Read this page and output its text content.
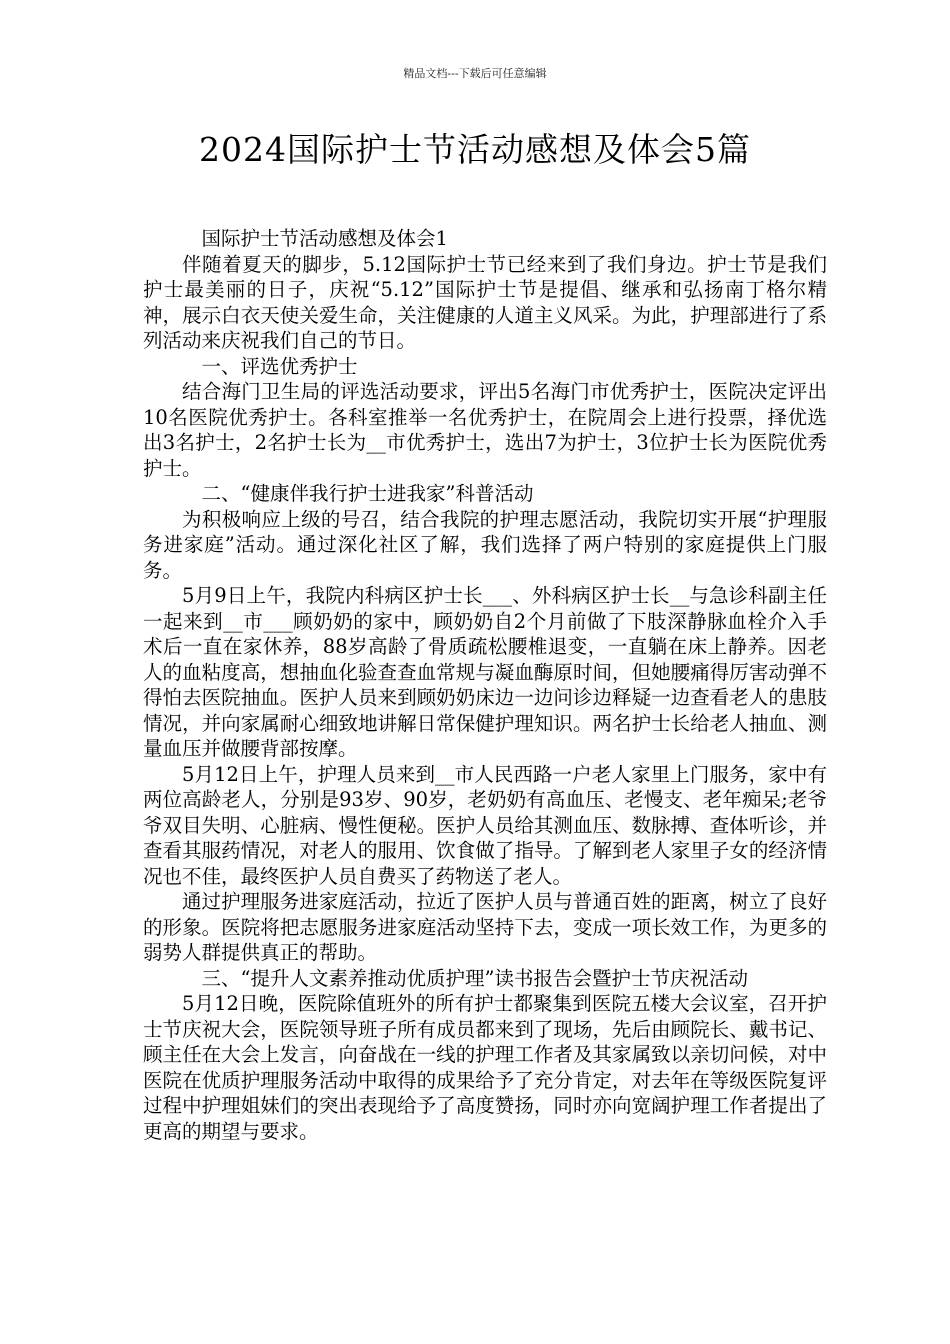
精品文档---下载后可任意编辑
2024国际护士节活动感想及体会5篇

国际护士节活动感想及体会1

伴随着夏天的脚步，5.12国际护士节已经来到了我们身边。护士节是我们护士最美丽的日子，庆祝“5.12”国际护士节是提倡、继承和弘扬南丁格尔精神，展示白衣天使关爱生命，关注健康的人道主义风采。为此，护理部进行了系列活动来庆祝我们自己的节日。

一、评选优秀护士

结合海门卫生局的评选活动要求，评出5名海门市优秀护士，医院决定评出10名医院优秀护士。各科室推举一名优秀护士，在院周会上进行投票，择优选出3名护士，2名护士长为__市优秀护士，选出7为护士，3位护士长为医院优秀护士。

二、“健康伴我行护士进我家”科普活动

为积极响应上级的号召，结合我院的护理志愿活动，我院切实开展“护理服务进家庭”活动。通过深化社区了解，我们选择了两户特别的家庭提供上门服务。

5月9日上午，我院内科病区护士长___、外科病区护士长__与急诊科副主任一起来到__市___顾奶奶的家中，顾奶奶自2个月前做了下肢深静脉血栓介入手术后一直在家休养，88岁高龄了骨质疏松腰椎退变，一直躺在床上静养。因老人的血粘度高，想抽血化验查查血常规与凝血酶原时间，但她腰痛得厉害动弹不得怕去医院抽血。医护人员来到顾奶奶床边一边问诊边释疑一边查看老人的患肢情况，并向家属耐心细致地讲解日常保健护理知识。两名护士长给老人抽血、测量血压并做腰背部按摩。

5月12日上午，护理人员来到__市人民西路一户老人家里上门服务，家中有两位高龄老人，分别是93岁、90岁，老奶奶有高血压、老慢支、老年痴呆;老爷爷双目失明、心脏病、慢性便秘。医护人员给其测血压、数脉搏、查体听诊，并查看其服药情况，对老人的服用、饮食做了指导。了解到老人家里子女的经济情况也不佳，最终医护人员自费买了药物送了老人。

通过护理服务进家庭活动，拉近了医护人员与普通百姓的距离，树立了良好的形象。医院将把志愿服务进家庭活动坚持下去，变成一项长效工作，为更多的弱势人群提供真正的帮助。

三、“提升人文素养推动优质护理”读书报告会暨护士节庆祝活动

5月12日晚，医院除值班外的所有护士都聚集到医院五楼大会议室，召开护士节庆祝大会，医院领导班子所有成员都来到了现场，先后由顾院长、戴书记、顾主任在大会上发言，向奋战在一线的护理工作者及其家属致以亲切问候，对中医院在优质护理服务活动中取得的成果给予了充分肯定，对去年在等级医院复评过程中护理姐妹们的突出表现给予了高度赞扬，同时亦向宽阔护理工作者提出了更高的期望与要求。
